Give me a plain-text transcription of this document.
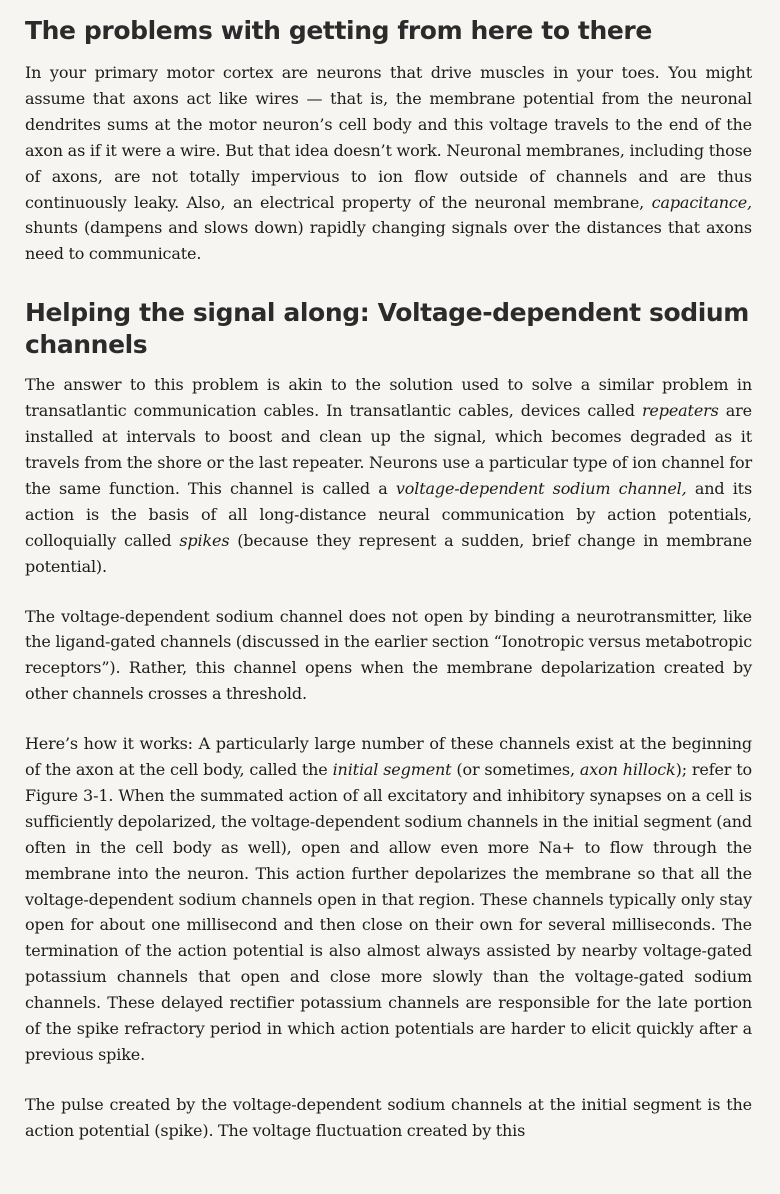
The problems with getting from here to there

In your primary motor cortex are neurons that drive muscles in your toes. You might assume that axons act like wires — that is, the membrane potential from the neuronal dendrites sums at the motor neuron’s cell body and this voltage travels to the end of the axon as if it were a wire. But that idea doesn’t work. Neuronal membranes, including those of axons, are not totally impervious to ion flow outside of channels and are thus continuously leaky. Also, an electrical property of the neuronal membrane, capacitance, shunts (dampens and slows down) rapidly changing signals over the distances that axons need to communicate.

Helping the signal along: Voltage-dependent sodium channels

The answer to this problem is akin to the solution used to solve a similar problem in transatlantic communication cables. In transatlantic cables, devices called repeaters are installed at intervals to boost and clean up the signal, which becomes degraded as it travels from the shore or the last repeater. Neurons use a particular type of ion channel for the same function. This channel is called a voltage-dependent sodium channel, and its action is the basis of all long-distance neural communication by action potentials, colloquially called spikes (because they represent a sudden, brief change in membrane potential).

The voltage-dependent sodium channel does not open by binding a neurotransmitter, like the ligand-gated channels (discussed in the earlier section “Ionotropic versus metabotropic receptors”). Rather, this channel opens when the membrane depolarization created by other channels crosses a threshold.

Here’s how it works: A particularly large number of these channels exist at the beginning of the axon at the cell body, called the initial segment (or sometimes, axon hillock); refer to Figure 3-1. When the summated action of all excitatory and inhibitory synapses on a cell is sufficiently depolarized, the voltage-dependent sodium channels in the initial segment (and often in the cell body as well), open and allow even more Na+ to flow through the membrane into the neuron. This action further depolarizes the membrane so that all the voltage-dependent sodium channels open in that region. These channels typically only stay open for about one millisecond and then close on their own for several milliseconds. The termination of the action potential is also almost always assisted by nearby voltage-gated potassium channels that open and close more slowly than the voltage-gated sodium channels. These delayed rectifier potassium channels are responsible for the late portion of the spike refractory period in which action potentials are harder to elicit quickly after a previous spike.

The pulse created by the voltage-dependent sodium channels at the initial segment is the action potential (spike). The voltage fluctuation created by this
